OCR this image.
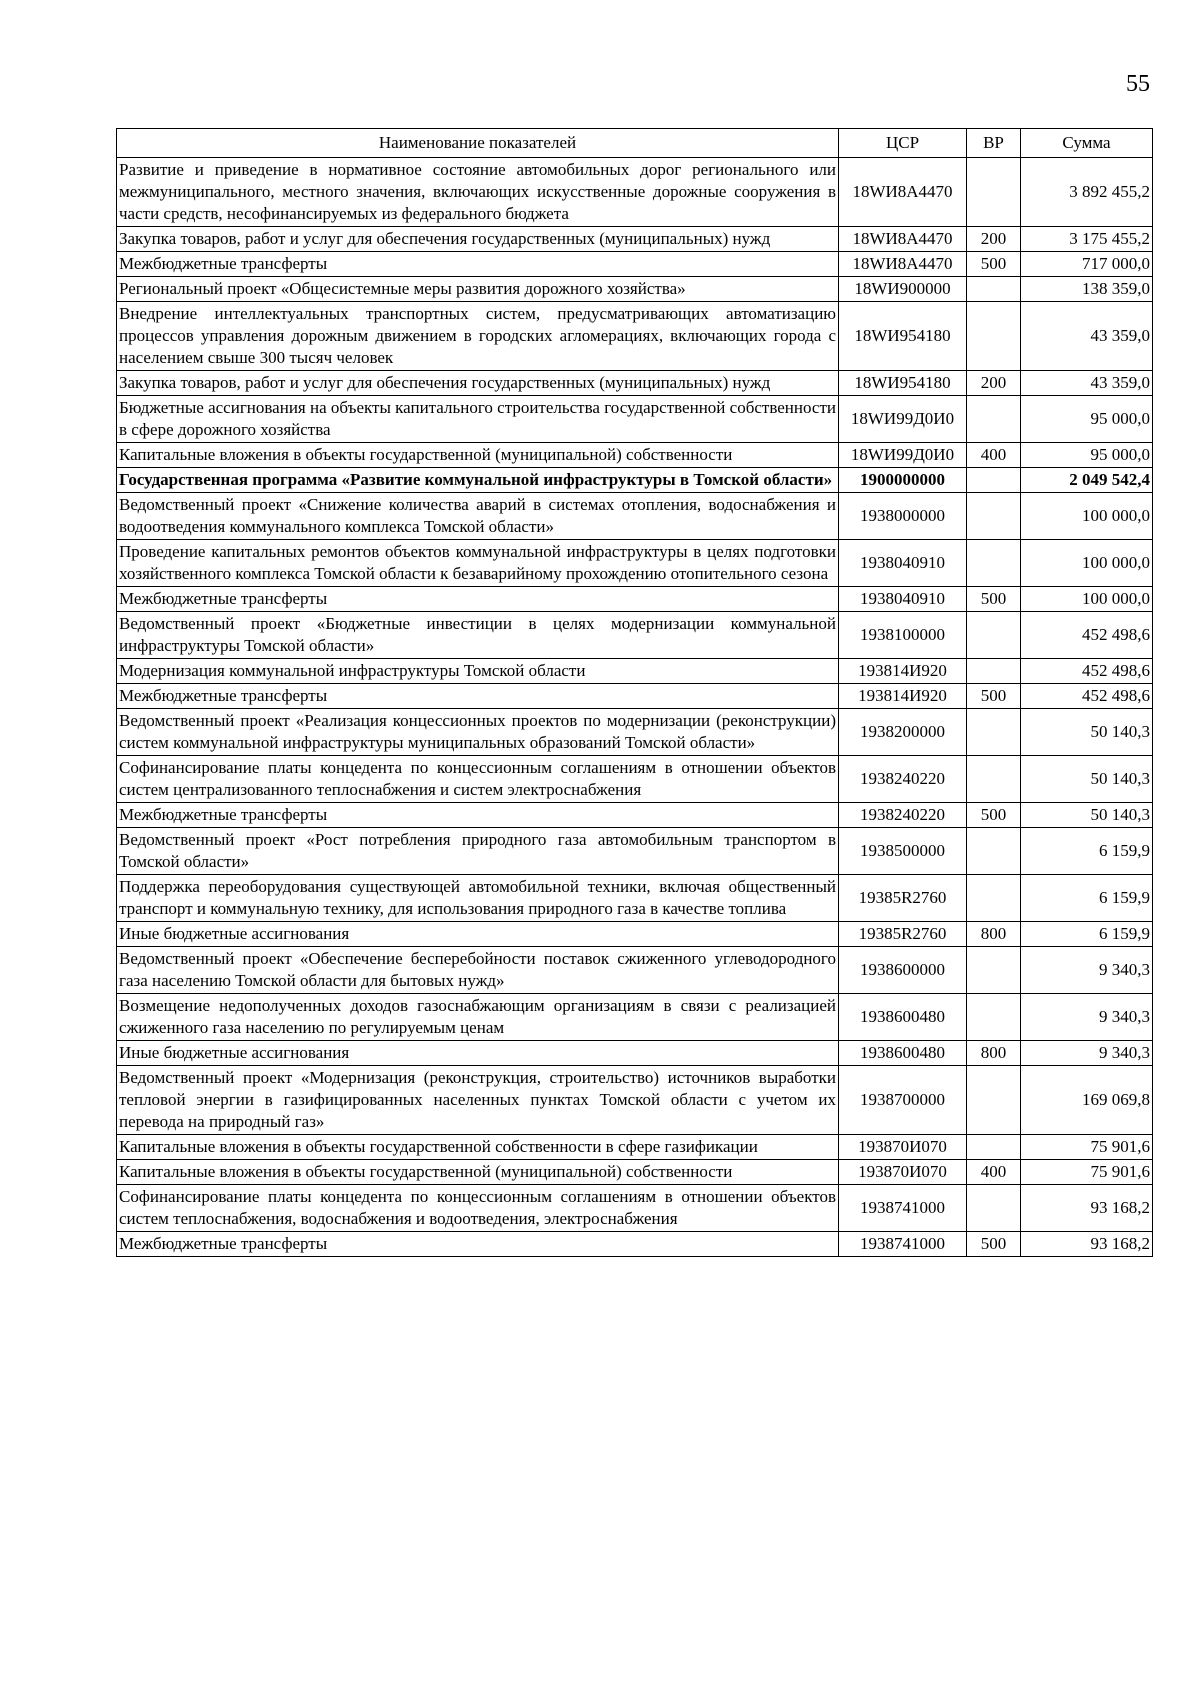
55
Наименование показателей	ЦСР	ВР	Сумма
Развитие и приведение в нормативное состояние автомобильных дорог регионального или межмуниципального, местного значения, включающих искусственные дорожные сооружения в части средств, несофинансируемых из федерального бюджета	18WИ8А4470		3 892 455,2
Закупка товаров, работ и услуг для обеспечения государственных (муниципальных) нужд	18WИ8А4470	200	3 175 455,2
Межбюджетные трансферты	18WИ8А4470	500	717 000,0
Региональный проект «Общесистемные меры развития дорожного хозяйства»	18WИ900000		138 359,0
Внедрение интеллектуальных транспортных систем, предусматривающих автоматизацию процессов управления дорожным движением в городских агломерациях, включающих города с населением свыше 300 тысяч человек	18WИ954180		43 359,0
Закупка товаров, работ и услуг для обеспечения государственных (муниципальных) нужд	18WИ954180	200	43 359,0
Бюджетные ассигнования на объекты капитального строительства государственной собственности в сфере дорожного хозяйства	18WИ99Д0И0		95 000,0
Капитальные вложения в объекты государственной (муниципальной) собственности	18WИ99Д0И0	400	95 000,0
Государственная программа «Развитие коммунальной инфраструктуры в Томской области»	1900000000		2 049 542,4
Ведомственный проект «Снижение количества аварий в системах отопления, водоснабжения и водоотведения коммунального комплекса Томской области»	1938000000		100 000,0
Проведение капитальных ремонтов объектов коммунальной инфраструктуры в целях подготовки хозяйственного комплекса Томской области к безаварийному прохождению отопительного сезона	1938040910		100 000,0
Межбюджетные трансферты	1938040910	500	100 000,0
Ведомственный проект «Бюджетные инвестиции в целях модернизации коммунальной инфраструктуры Томской области»	1938100000		452 498,6
Модернизация коммунальной инфраструктуры Томской области	193814И920		452 498,6
Межбюджетные трансферты	193814И920	500	452 498,6
Ведомственный проект «Реализация концессионных проектов по модернизации (реконструкции) систем коммунальной инфраструктуры муниципальных образований Томской области»	1938200000		50 140,3
Софинансирование платы концедента по концессионным соглашениям в отношении объектов систем централизованного теплоснабжения и систем электроснабжения	1938240220		50 140,3
Межбюджетные трансферты	1938240220	500	50 140,3
Ведомственный проект «Рост потребления природного газа автомобильным транспортом в Томской области»	1938500000		6 159,9
Поддержка переоборудования существующей автомобильной техники, включая общественный транспорт и коммунальную технику, для использования природного газа в качестве топлива	19385R2760		6 159,9
Иные бюджетные ассигнования	19385R2760	800	6 159,9
Ведомственный проект «Обеспечение бесперебойности поставок сжиженного углеводородного газа населению Томской области для бытовых нужд»	1938600000		9 340,3
Возмещение недополученных доходов газоснабжающим организациям в связи с реализацией сжиженного газа населению по регулируемым ценам	1938600480		9 340,3
Иные бюджетные ассигнования	1938600480	800	9 340,3
Ведомственный проект «Модернизация (реконструкция, строительство) источников выработки тепловой энергии в газифицированных населенных пунктах Томской области с учетом их перевода на природный газ»	1938700000		169 069,8
Капитальные вложения в объекты государственной собственности в сфере газификации	193870И070		75 901,6
Капитальные вложения в объекты государственной (муниципальной) собственности	193870И070	400	75 901,6
Софинансирование платы концедента по концессионным соглашениям в отношении объектов систем теплоснабжения, водоснабжения и водоотведения, электроснабжения	1938741000		93 168,2
Межбюджетные трансферты	1938741000	500	93 168,2
